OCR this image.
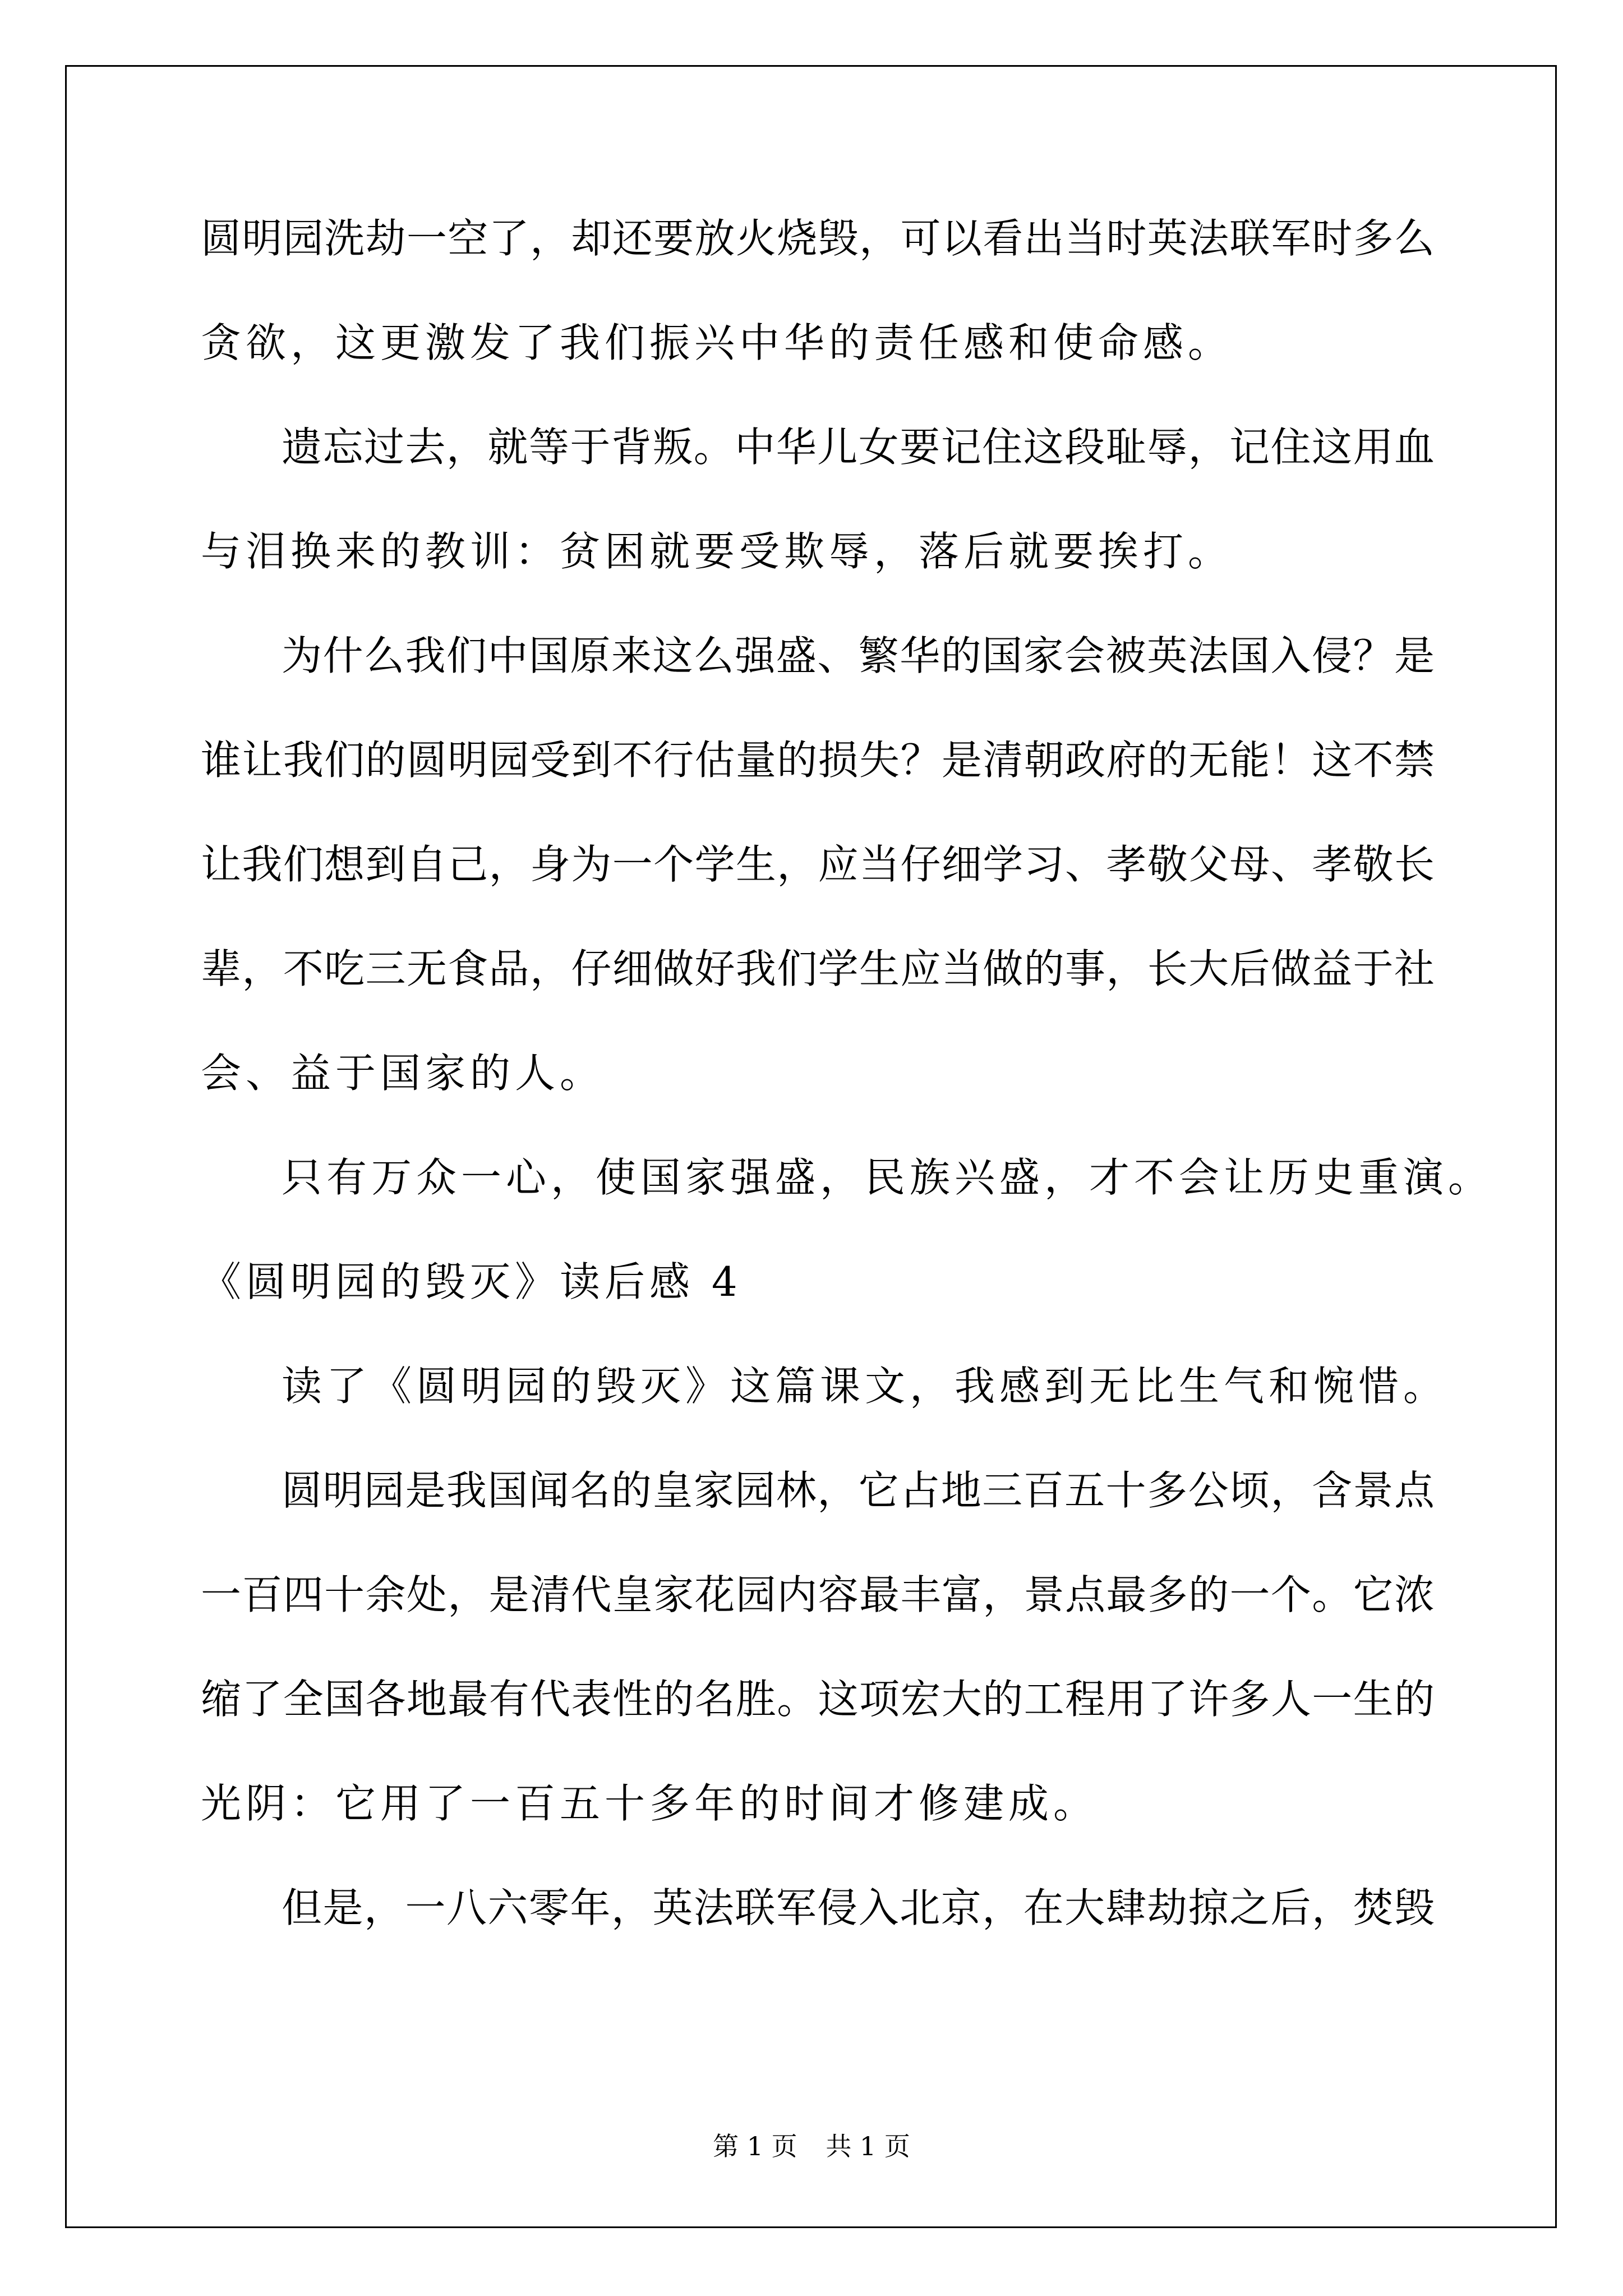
圆明园洗劫一空了，却还要放火烧毁，可以看出当时英法联军时多么
贪欲，这更激发了我们振兴中华的责任感和使命感。
遗忘过去，就等于背叛。中华儿女要记住这段耻辱，记住这用血
与泪换来的教训：贫困就要受欺辱，落后就要挨打。
为什么我们中国原来这么强盛、繁华的国家会被英法国入侵？是
谁让我们的圆明园受到不行估量的损失？是清朝政府的无能！这不禁
让我们想到自己，身为一个学生，应当仔细学习、孝敬父母、孝敬长
辈，不吃三无食品，仔细做好我们学生应当做的事，长大后做益于社
会、益于国家的人。
只有万众一心，使国家强盛，民族兴盛，才不会让历史重演。
《圆明园的毁灭》读后感 4
读了《圆明园的毁灭》这篇课文，我感到无比生气和惋惜。
圆明园是我国闻名的皇家园林，它占地三百五十多公顷，含景点
一百四十余处，是清代皇家花园内容最丰富，景点最多的一个。它浓
缩了全国各地最有代表性的名胜。这项宏大的工程用了许多人一生的
光阴：它用了一百五十多年的时间才修建成。
但是，一八六零年，英法联军侵入北京，在大肆劫掠之后，焚毁
第 1 页 共 1 页
